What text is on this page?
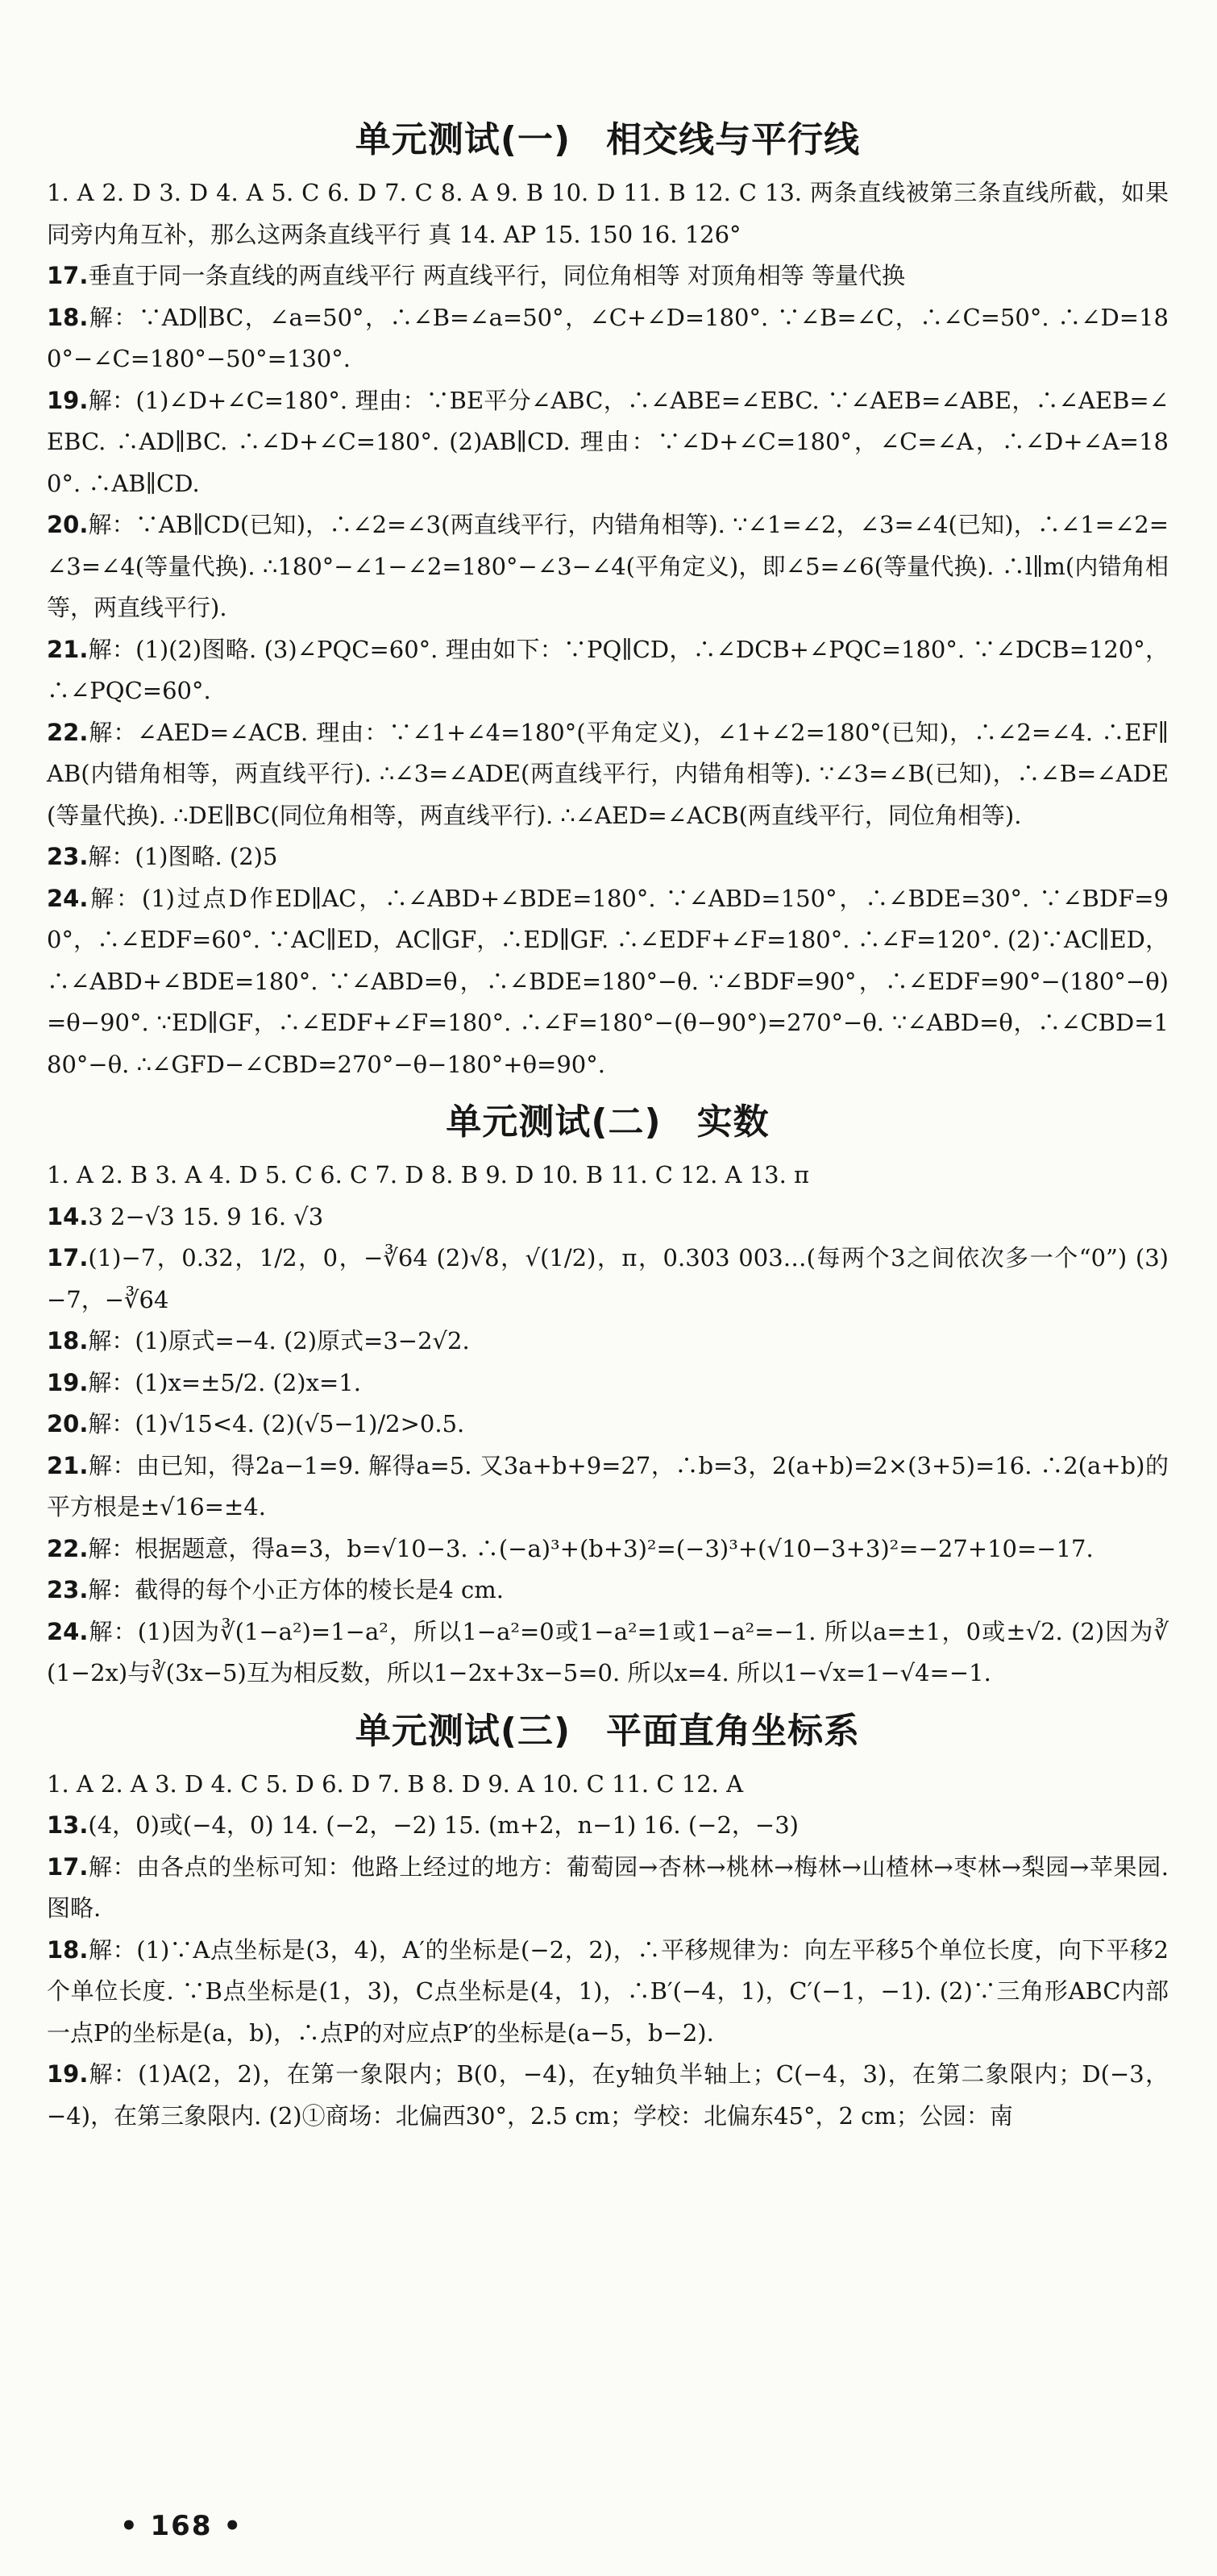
单元测试(一) 相交线与平行线

1. A 2. D 3. D 4. A 5. C 6. D 7. C 8. A 9. B 10. D 11. B 12. C 13. 两条直线被第三条直线所截，如果同旁内角互补，那么这两条直线平行 真 14. AP 15. 150 16. 126°

17.垂直于同一条直线的两直线平行 两直线平行，同位角相等 对顶角相等 等量代换

18.解：∵AD∥BC，∠a=50°，∴∠B=∠a=50°，∠C+∠D=180°. ∵∠B=∠C，∴∠C=50°. ∴∠D=180°−∠C=180°−50°=130°.

19.解：(1)∠D+∠C=180°. 理由：∵BE平分∠ABC，∴∠ABE=∠EBC. ∵∠AEB=∠ABE，∴∠AEB=∠EBC. ∴AD∥BC. ∴∠D+∠C=180°. (2)AB∥CD. 理由：∵∠D+∠C=180°，∠C=∠A，∴∠D+∠A=180°. ∴AB∥CD.

20.解：∵AB∥CD(已知)，∴∠2=∠3(两直线平行，内错角相等). ∵∠1=∠2，∠3=∠4(已知)，∴∠1=∠2=∠3=∠4(等量代换). ∴180°−∠1−∠2=180°−∠3−∠4(平角定义)，即∠5=∠6(等量代换). ∴l∥m(内错角相等，两直线平行).

21.解：(1)(2)图略. (3)∠PQC=60°. 理由如下：∵PQ∥CD，∴∠DCB+∠PQC=180°. ∵∠DCB=120°，∴∠PQC=60°.

22.解：∠AED=∠ACB. 理由：∵∠1+∠4=180°(平角定义)，∠1+∠2=180°(已知)，∴∠2=∠4. ∴EF∥AB(内错角相等，两直线平行). ∴∠3=∠ADE(两直线平行，内错角相等). ∵∠3=∠B(已知)，∴∠B=∠ADE(等量代换). ∴DE∥BC(同位角相等，两直线平行). ∴∠AED=∠ACB(两直线平行，同位角相等).

23.解：(1)图略. (2)5

24.解：(1)过点D作ED∥AC，∴∠ABD+∠BDE=180°. ∵∠ABD=150°，∴∠BDE=30°. ∵∠BDF=90°，∴∠EDF=60°. ∵AC∥ED，AC∥GF，∴ED∥GF. ∴∠EDF+∠F=180°. ∴∠F=120°. (2)∵AC∥ED，∴∠ABD+∠BDE=180°. ∵∠ABD=θ，∴∠BDE=180°−θ. ∵∠BDF=90°，∴∠EDF=90°−(180°−θ)=θ−90°. ∵ED∥GF，∴∠EDF+∠F=180°. ∴∠F=180°−(θ−90°)=270°−θ. ∵∠ABD=θ，∴∠CBD=180°−θ. ∴∠GFD−∠CBD=270°−θ−180°+θ=90°.

单元测试(二) 实数

1. A 2. B 3. A 4. D 5. C 6. C 7. D 8. B 9. D 10. B 11. C 12. A 13. π

14.3 2−√3 15. 9 16. √3

17.(1)−7，0.32，1/2，0，−∛64 (2)√8，√(1/2)，π，0.303 003…(每两个3之间依次多一个“0”) (3)−7，−∛64

18.解：(1)原式=−4. (2)原式=3−2√2.

19.解：(1)x=±5/2. (2)x=1.

20.解：(1)√15<4. (2)(√5−1)/2>0.5.

21.解：由已知，得2a−1=9. 解得a=5. 又3a+b+9=27，∴b=3，2(a+b)=2×(3+5)=16. ∴2(a+b)的平方根是±√16=±4.

22.解：根据题意，得a=3，b=√10−3. ∴(−a)³+(b+3)²=(−3)³+(√10−3+3)²=−27+10=−17.

23.解：截得的每个小正方体的棱长是4 cm.

24.解：(1)因为∛(1−a²)=1−a²，所以1−a²=0或1−a²=1或1−a²=−1. 所以a=±1，0或±√2. (2)因为∛(1−2x)与∛(3x−5)互为相反数，所以1−2x+3x−5=0. 所以x=4. 所以1−√x=1−√4=−1.

单元测试(三) 平面直角坐标系

1. A 2. A 3. D 4. C 5. D 6. D 7. B 8. D 9. A 10. C 11. C 12. A

13.(4，0)或(−4，0) 14. (−2，−2) 15. (m+2，n−1) 16. (−2，−3)

17.解：由各点的坐标可知：他路上经过的地方：葡萄园→杏林→桃林→梅林→山楂林→枣林→梨园→苹果园. 图略.

18.解：(1)∵A点坐标是(3，4)，A′的坐标是(−2，2)，∴平移规律为：向左平移5个单位长度，向下平移2个单位长度. ∵B点坐标是(1，3)，C点坐标是(4，1)，∴B′(−4，1)，C′(−1，−1). (2)∵三角形ABC内部一点P的坐标是(a，b)，∴点P的对应点P′的坐标是(a−5，b−2).

19.解：(1)A(2，2)，在第一象限内；B(0，−4)，在y轴负半轴上；C(−4，3)，在第二象限内；D(−3，−4)，在第三象限内. (2)①商场：北偏西30°，2.5 cm；学校：北偏东45°，2 cm；公园：南

• 168 •
